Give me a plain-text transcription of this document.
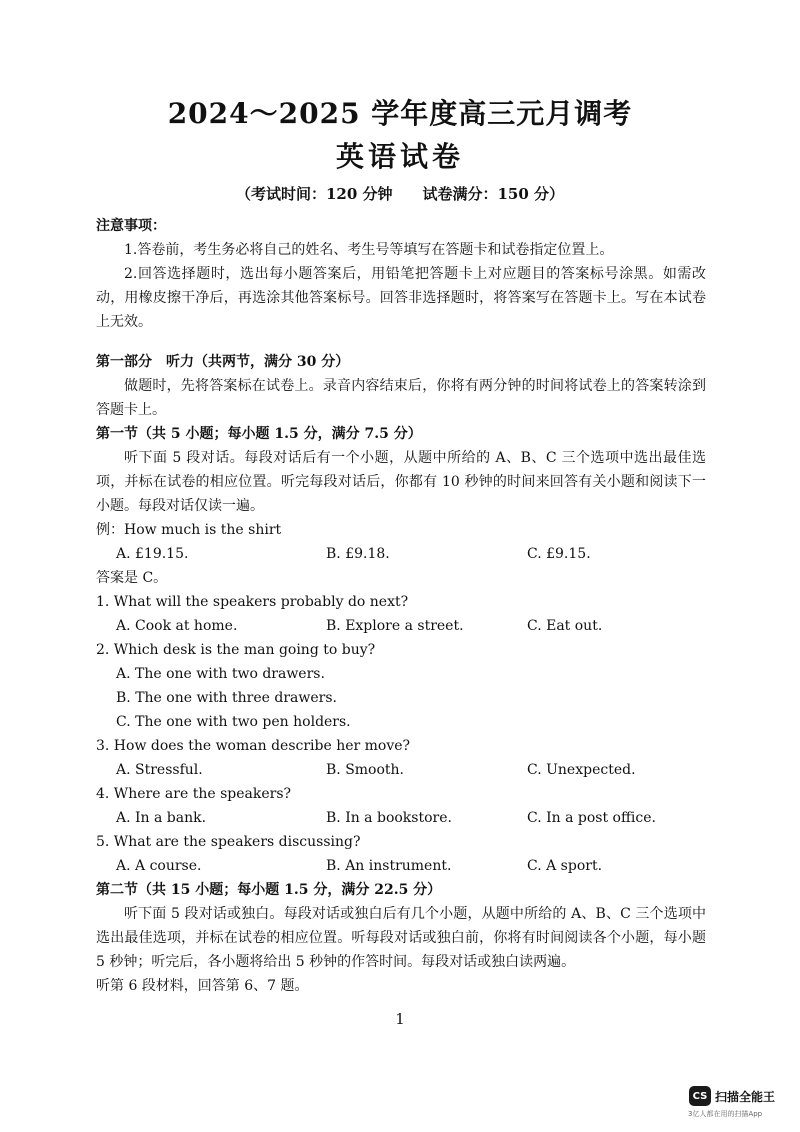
2024～2025 学年度高三元月调考
英语试卷
（考试时间：120 分钟　　试卷满分：150 分）
注意事项：
1.答卷前，考生务必将自己的姓名、考生号等填写在答题卡和试卷指定位置上。
2.回答选择题时，选出每小题答案后，用铅笔把答题卡上对应题目的答案标号涂黑。如需改动，用橡皮擦干净后，再选涂其他答案标号。回答非选择题时，将答案写在答题卡上。写在本试卷上无效。
第一部分　听力（共两节，满分 30 分）
做题时，先将答案标在试卷上。录音内容结束后，你将有两分钟的时间将试卷上的答案转涂到答题卡上。
第一节（共 5 小题；每小题 1.5 分，满分 7.5 分）
听下面 5 段对话。每段对话后有一个小题，从题中所给的 A、B、C 三个选项中选出最佳选项，并标在试卷的相应位置。听完每段对话后，你都有 10 秒钟的时间来回答有关小题和阅读下一小题。每段对话仅读一遍。
例：How much is the shirt
A. £19.15.	B. £9.18.	C. £9.15.
答案是 C。
1. What will the speakers probably do next?
A. Cook at home.	B. Explore a street.	C. Eat out.
2. Which desk is the man going to buy?
A. The one with two drawers.
B. The one with three drawers.
C. The one with two pen holders.
3. How does the woman describe her move?
A. Stressful.	B. Smooth.	C. Unexpected.
4. Where are the speakers?
A. In a bank.	B. In a bookstore.	C. In a post office.
5. What are the speakers discussing?
A. A course.	B. An instrument.	C. A sport.
第二节（共 15 小题；每小题 1.5 分，满分 22.5 分）
听下面 5 段对话或独白。每段对话或独白后有几个小题，从题中所给的 A、B、C 三个选项中选出最佳选项，并标在试卷的相应位置。听每段对话或独白前，你将有时间阅读各个小题，每小题 5 秒钟；听完后，各小题将给出 5 秒钟的作答时间。每段对话或独白读两遍。
听第 6 段材料，回答第 6、7 题。
1
CS 扫描全能王
3亿人都在用的扫描App
